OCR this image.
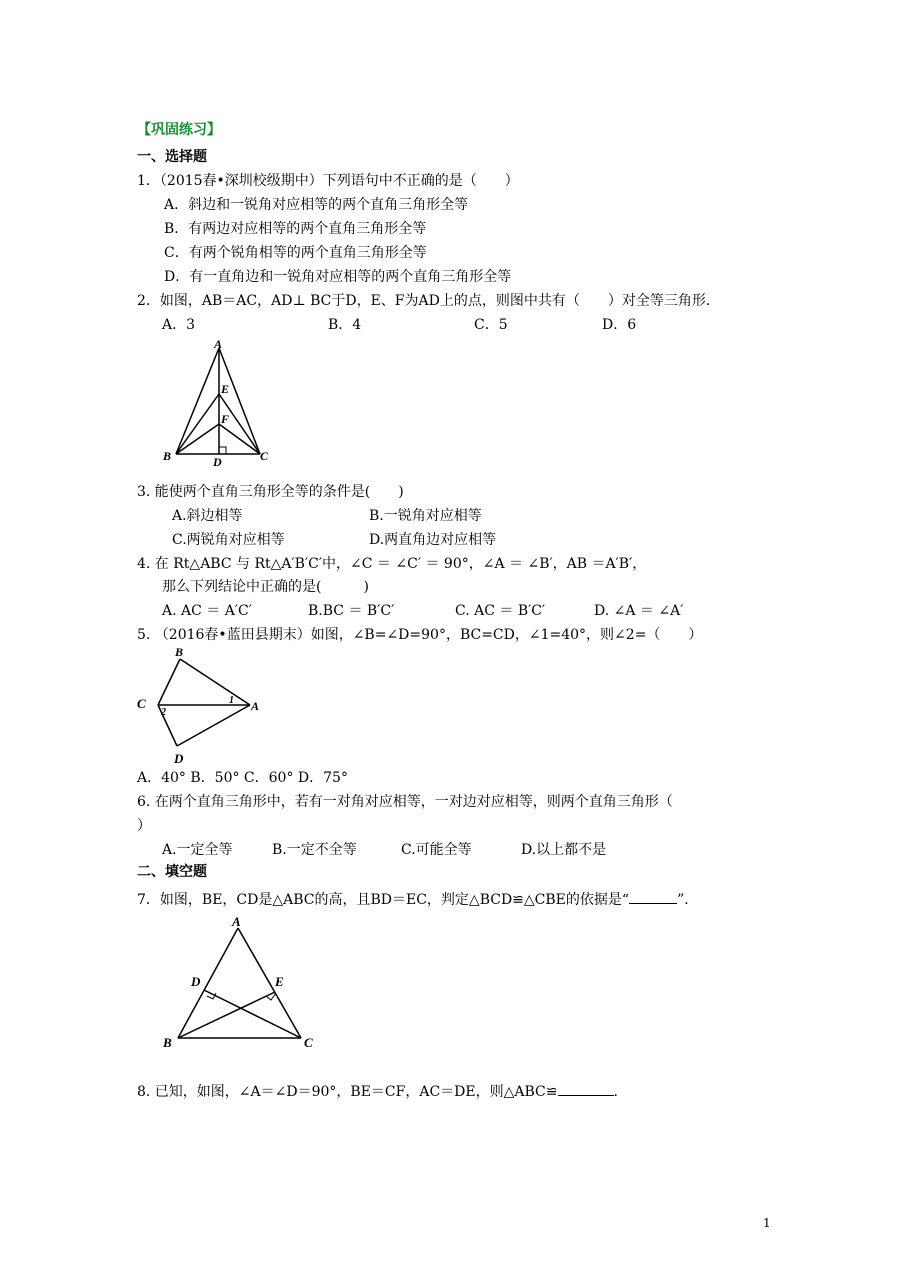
【巩固练习】
一、选择题
1．（2015春•深圳校级期中）下列语句中不正确的是（　　）
A．斜边和一锐角对应相等的两个直角三角形全等
B．有两边对应相等的两个直角三角形全等
C．有两个锐角相等的两个直角三角形全等
D．有一直角边和一锐角对应相等的两个直角三角形全等
2．如图，AB＝AC，AD⊥ BC于D，E、F为AD上的点，则图中共有（　　）对全等三角形．
A．3	B．4	C．5	D．6
A
E
F
B	D	C
3. 能使两个直角三角形全等的条件是(　　)
A.斜边相等	B.一锐角对应相等
C.两锐角对应相等	D.两直角边对应相等
4. 在 Rt△ABC 与 Rt△A′B′C′中，∠C ＝ ∠C′ ＝ 90°，∠A ＝ ∠B′，AB ＝A′B′，
那么下列结论中正确的是(　　　)
A. AC ＝ A′C′	B.BC ＝ B′C′	C. AC ＝ B′C′	D. ∠A ＝ ∠A′
5. （2016春•蓝田县期末）如图，∠B=∠D=90°，BC=CD，∠1=40°，则∠2=（　　）
B
C	A
D
1
2
A．40° B．50° C．60° D．75°
6. 在两个直角三角形中，若有一对角对应相等，一对边对应相等，则两个直角三角形（
）
A.一定全等	B.一定不全等	C.可能全等	D.以上都不是
二、填空题
7．如图，BE，CD是△ABC的高，且BD＝EC，判定△BCD≌△CBE的依据是“	”．
A
D	E
B	C
8. 已知，如图，∠A＝∠D＝90°，BE＝CF，AC＝DE，则△ABC≌	.
1
